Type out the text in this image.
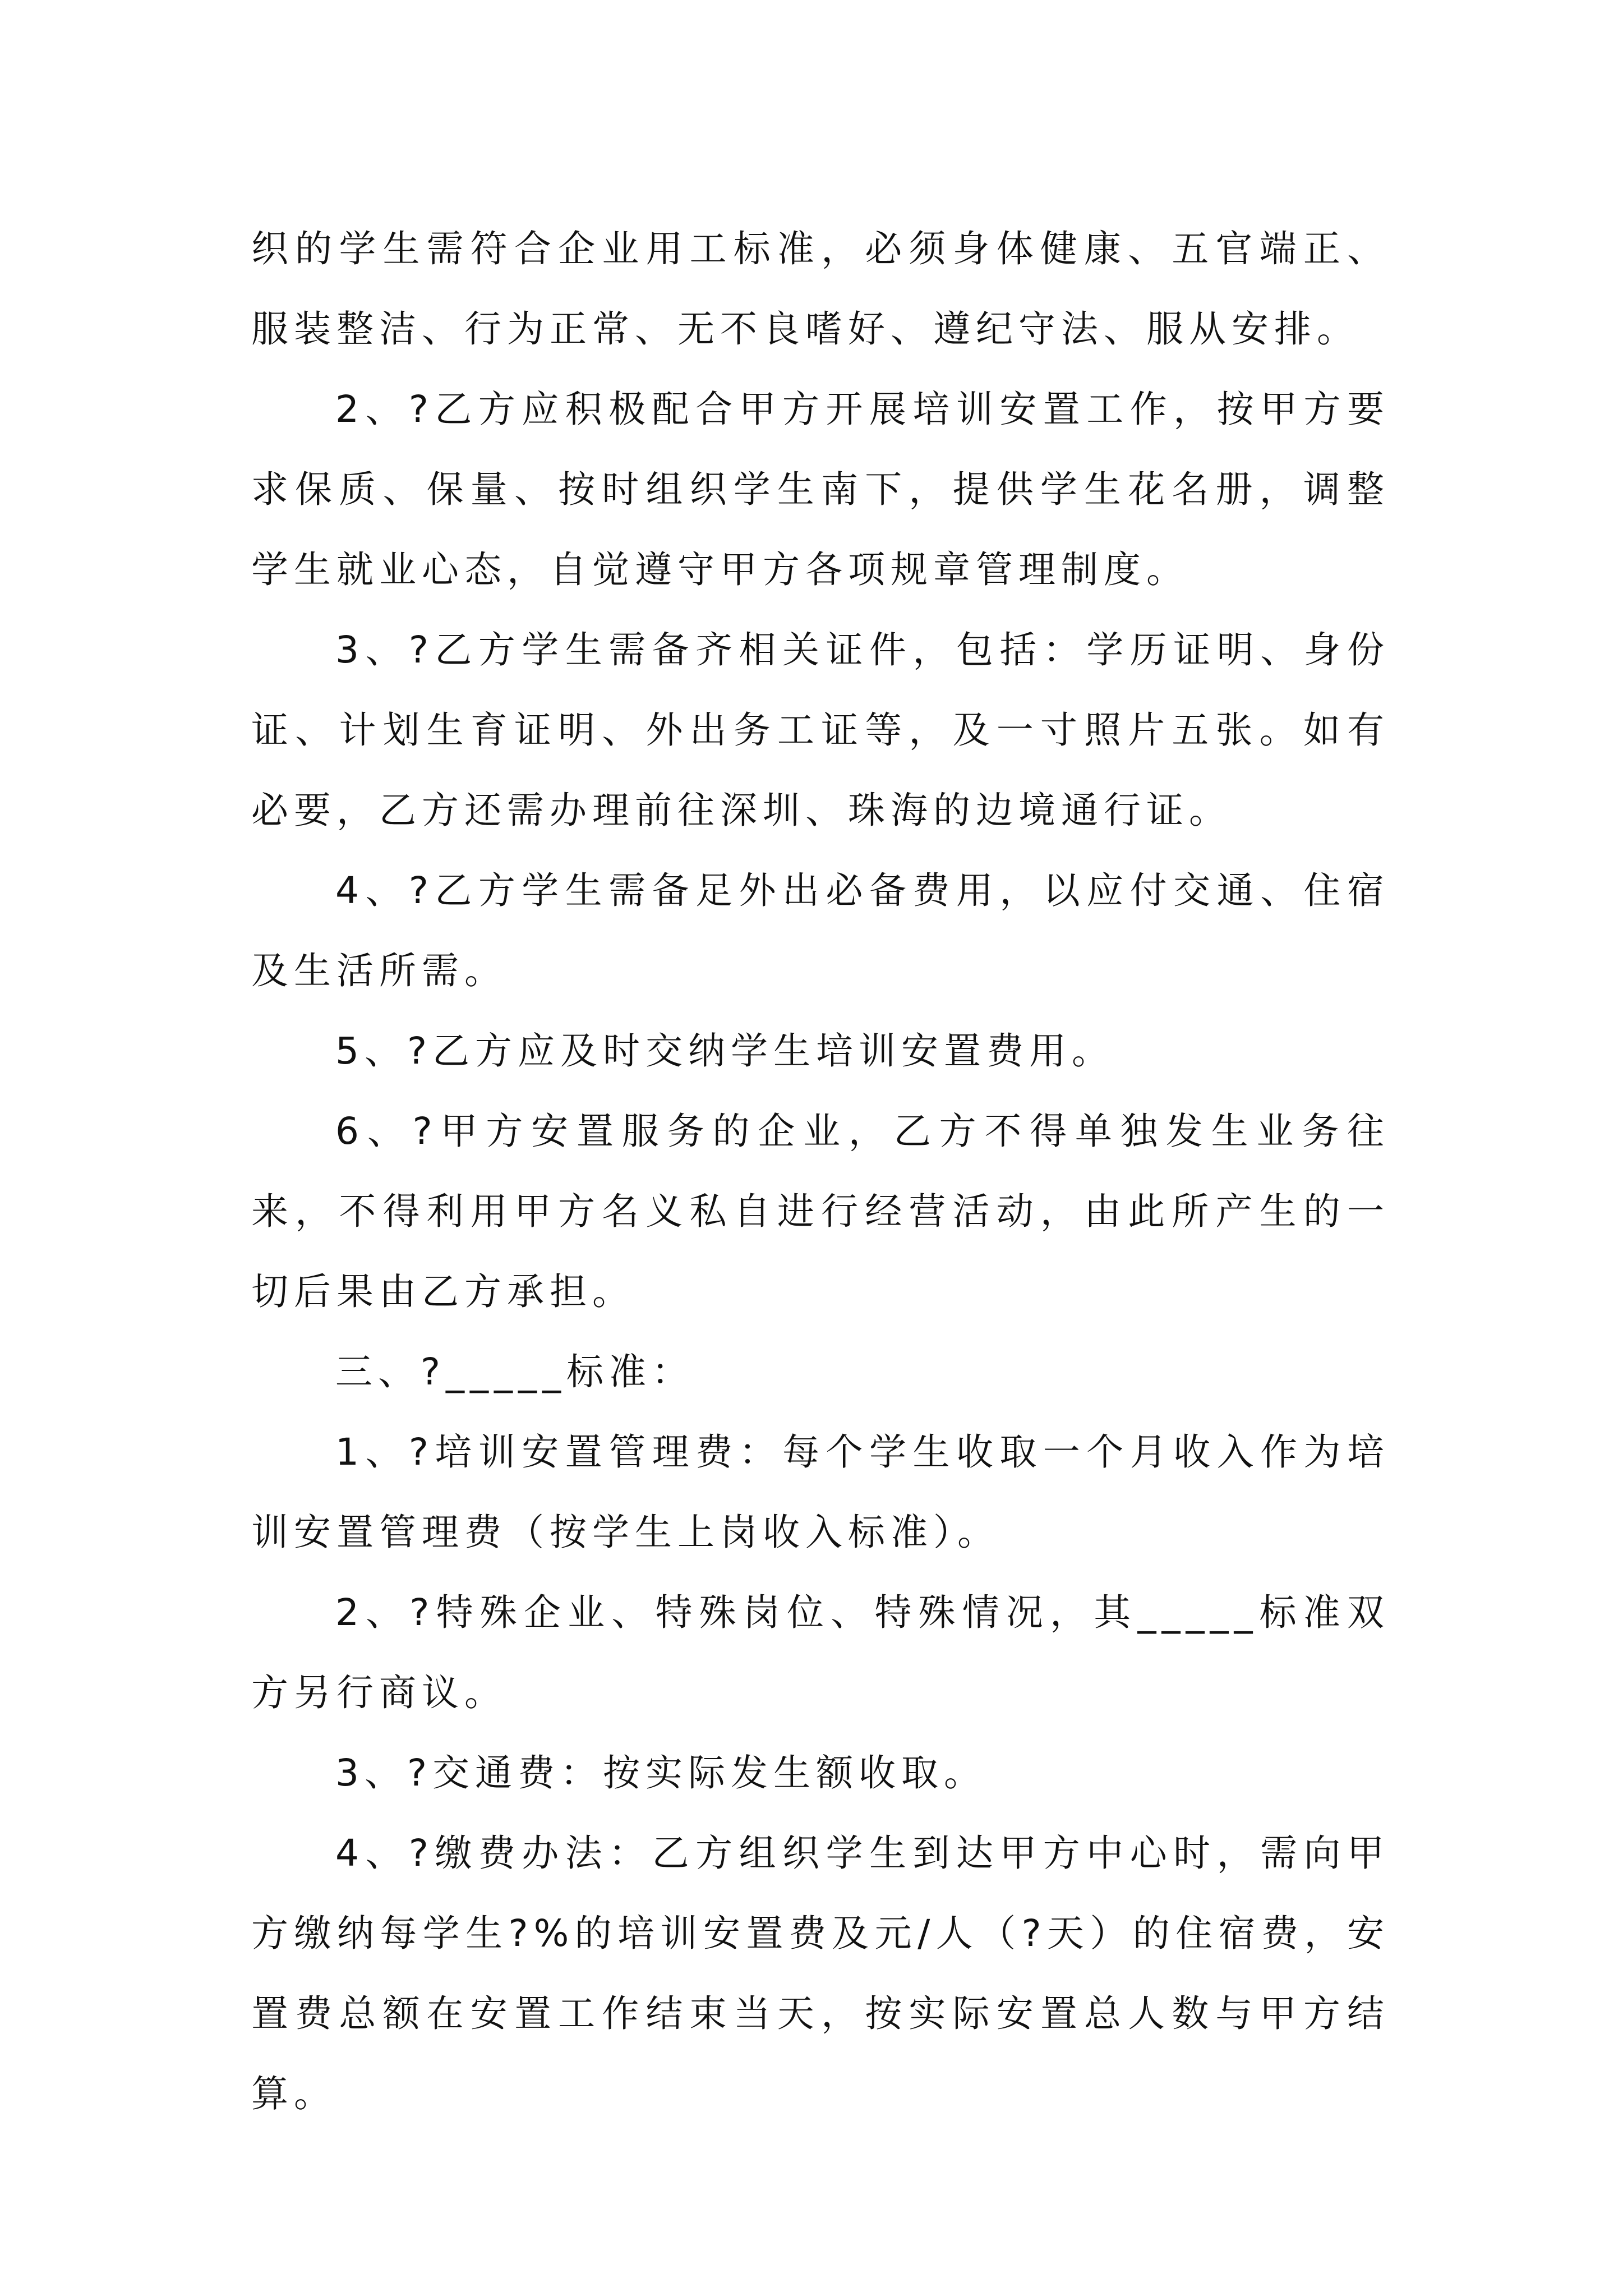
织的学生需符合企业用工标准，必须身体健康、五官端正、服装整洁、行为正常、无不良嗜好、遵纪守法、服从安排。

2、?乙方应积极配合甲方开展培训安置工作，按甲方要求保质、保量、按时组织学生南下，提供学生花名册，调整学生就业心态，自觉遵守甲方各项规章管理制度。

3、?乙方学生需备齐相关证件，包括：学历证明、身份证、计划生育证明、外出务工证等，及一寸照片五张。如有必要，乙方还需办理前往深圳、珠海的边境通行证。

4、?乙方学生需备足外出必备费用，以应付交通、住宿及生活所需。

5、?乙方应及时交纳学生培训安置费用。

6、?甲方安置服务的企业，乙方不得单独发生业务往来，不得利用甲方名义私自进行经营活动，由此所产生的一切后果由乙方承担。

三、?_____标准：

1、?培训安置管理费：每个学生收取一个月收入作为培训安置管理费（按学生上岗收入标准）。

2、?特殊企业、特殊岗位、特殊情况，其_____标准双方另行商议。

3、?交通费：按实际发生额收取。

4、?缴费办法：乙方组织学生到达甲方中心时，需向甲方缴纳每学生?%的培训安置费及元/人（?天）的住宿费，安置费总额在安置工作结束当天，按实际安置总人数与甲方结算。
